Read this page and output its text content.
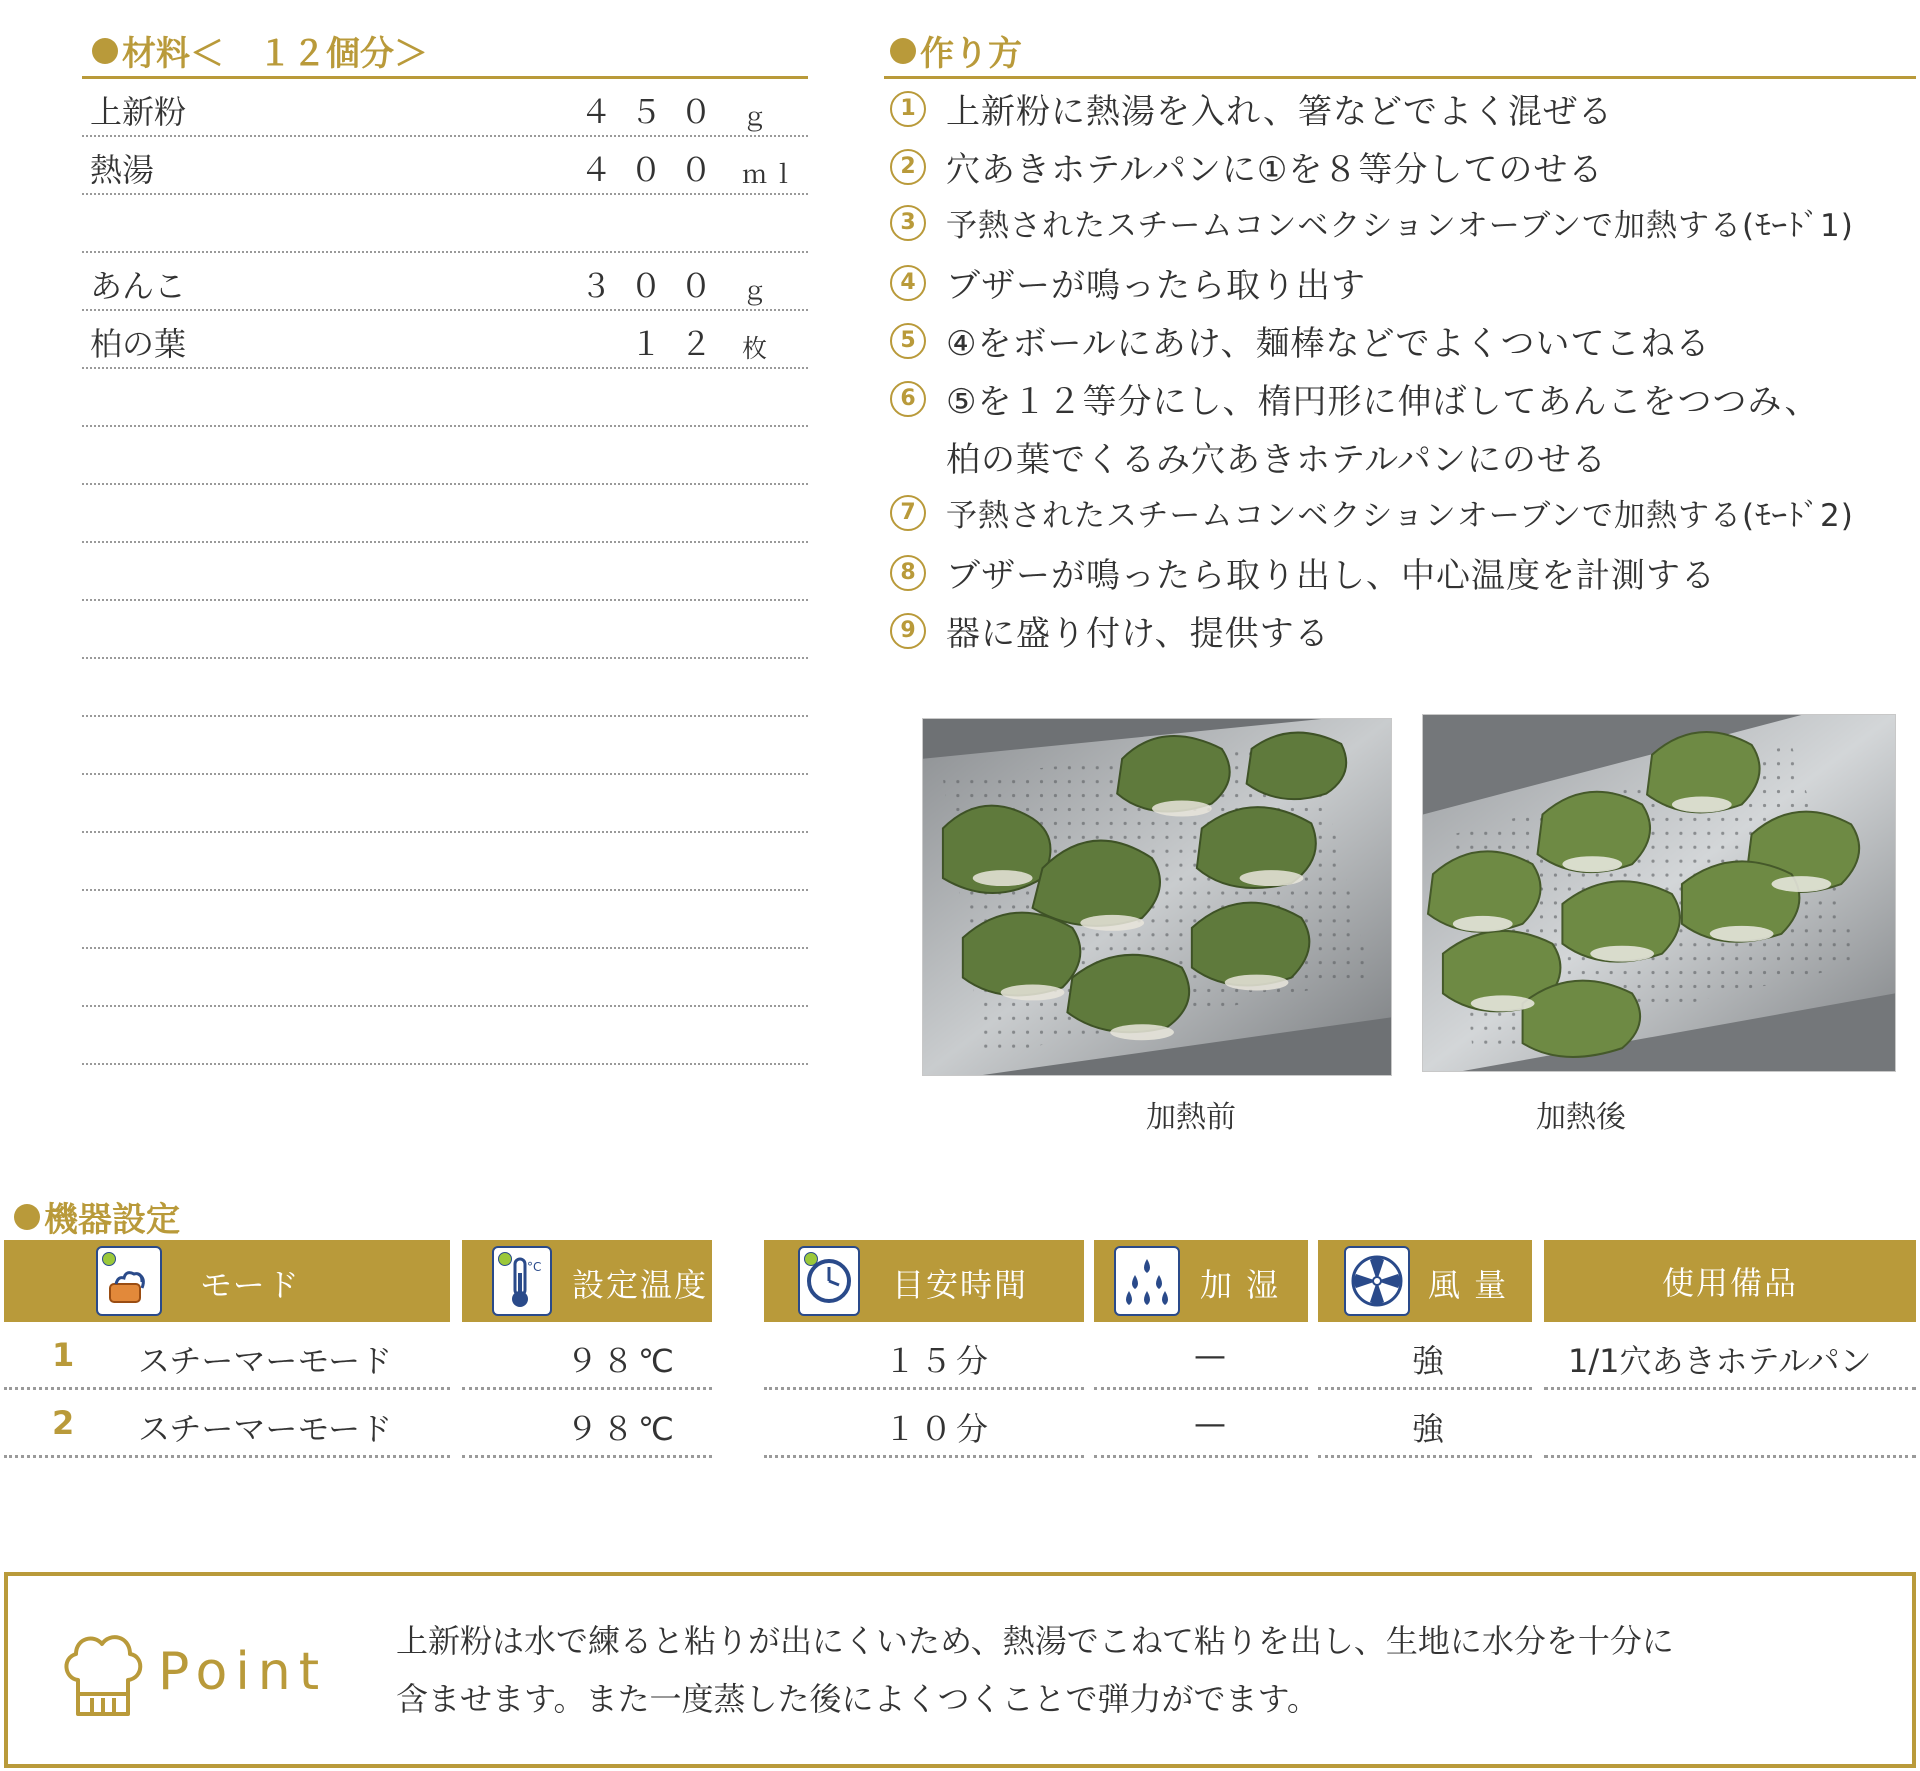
材料＜　１２個分＞
上新粉	４５０ ｇ
熱湯	４００ ｍｌ
あんこ	３００ ｇ
柏の葉	１２ 枚
作り方
1 上新粉に熱湯を入れ、箸などでよく混ぜる
2 穴あきホテルパンに①を８等分してのせる
3 予熱されたスチームコンベクションオーブンで加熱する(ﾓｰﾄﾞ1)
4 ブザーが鳴ったら取り出す
5 ④をボールにあけ、麺棒などでよくついてこねる
6 ⑤を１２等分にし、楕円形に伸ばしてあんこをつつみ、
柏の葉でくるみ穴あきホテルパンにのせる
7 予熱されたスチームコンベクションオーブンで加熱する(ﾓｰﾄﾞ2)
8 ブザーが鳴ったら取り出し、中心温度を計測する
9 器に盛り付け、提供する
加熱前	加熱後
機器設定
モード	°C 設定温度	目安時間	加 湿	風 量	使用備品
1 スチーマーモード	９８℃	１５分	—	強	1/1穴あきホテルパン
2 スチーマーモード	９８℃	１０分	—	強
Point
上新粉は水で練ると粘りが出にくいため、熱湯でこねて粘りを出し、生地に水分を十分に
含ませます。また一度蒸した後によくつくことで弾力がでます。
